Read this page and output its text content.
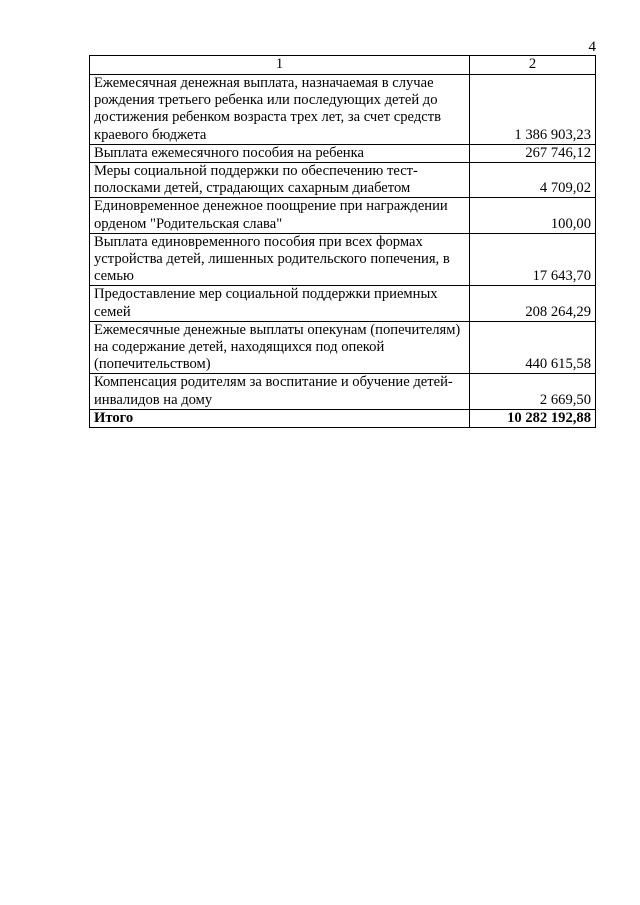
4
1	2
Ежемесячная денежная выплата, назначаемая в случае рождения третьего ребенка или последующих детей до достижения ребенком возраста трех лет, за счет средств краевого бюджета	1 386 903,23
Выплата ежемесячного пособия на ребенка	267 746,12
Меры социальной поддержки по обеспечению тест-полосками детей, страдающих сахарным диабетом	4 709,02
Единовременное денежное поощрение при награждении орденом "Родительская слава"	100,00
Выплата единовременного пособия при всех формах устройства детей, лишенных родительского попечения, в семью	17 643,70
Предоставление мер социальной поддержки приемных семей	208 264,29
Ежемесячные денежные выплаты опекунам (попечителям) на содержание детей, находящихся под опекой (попечительством)	440 615,58
Компенсация родителям за воспитание и обучение детей-инвалидов на дому	2 669,50
Итого	10 282 192,88
